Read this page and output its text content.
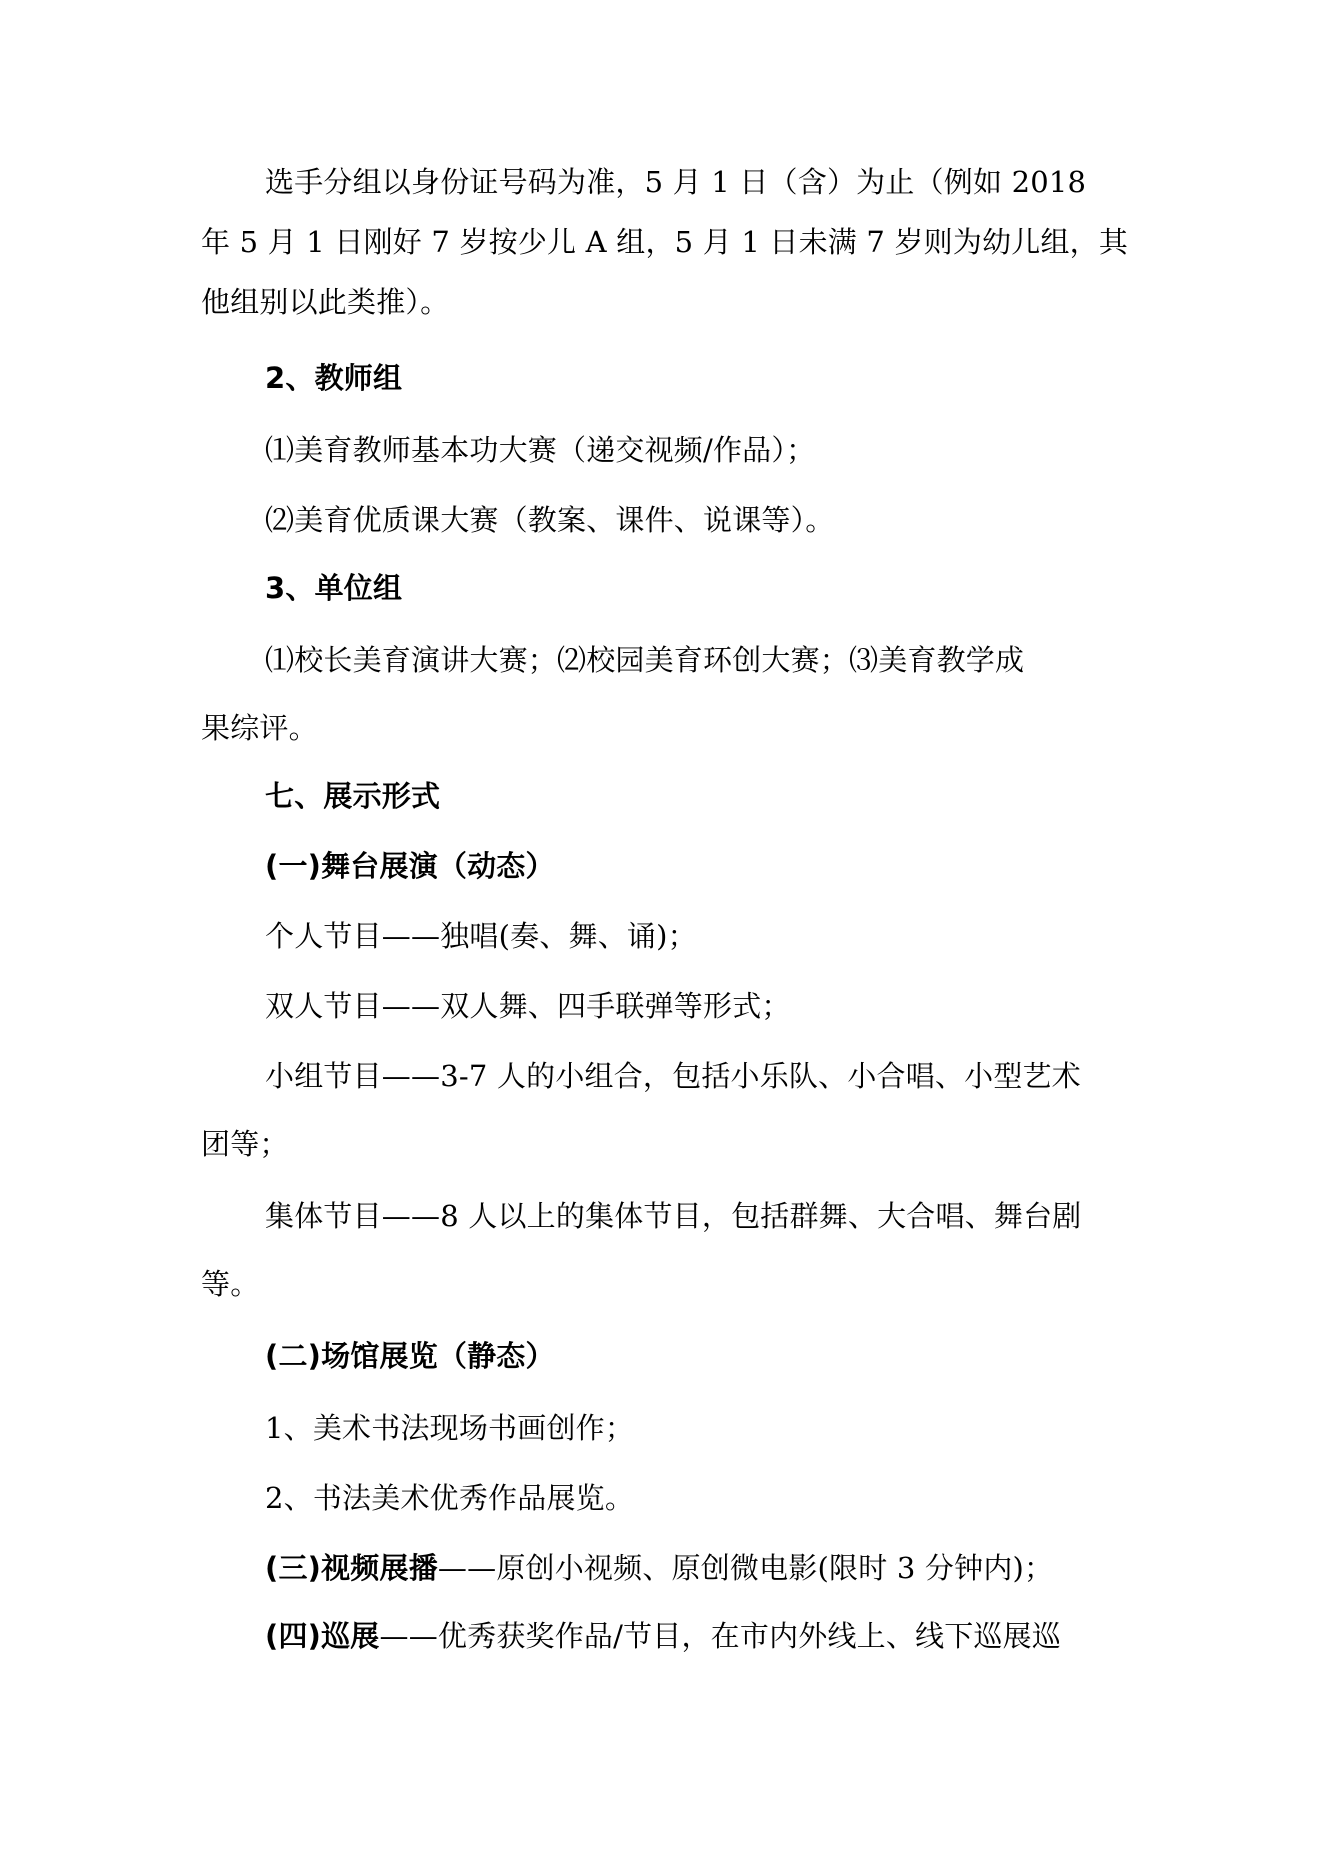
选手分组以身份证号码为准，5 月 1 日（含）为止（例如 2018
年 5 月 1 日刚好 7 岁按少儿 A 组，5 月 1 日未满 7 岁则为幼儿组，其
他组别以此类推）。
2、教师组
⑴美育教师基本功大赛（递交视频/作品）；
⑵美育优质课大赛（教案、课件、说课等）。
3、单位组
⑴校长美育演讲大赛；⑵校园美育环创大赛；⑶美育教学成
果综评。
七、展示形式
(一)舞台展演（动态）
个人节目——独唱(奏、舞、诵)；
双人节目——双人舞、四手联弹等形式；
小组节目——3-7 人的小组合，包括小乐队、小合唱、小型艺术
团等；
集体节目——8 人以上的集体节目，包括群舞、大合唱、舞台剧
等。
(二)场馆展览（静态）
1、美术书法现场书画创作；
2、书法美术优秀作品展览。
(三)视频展播——原创小视频、原创微电影(限时 3 分钟内)；
(四)巡展——优秀获奖作品/节目，在市内外线上、线下巡展巡
